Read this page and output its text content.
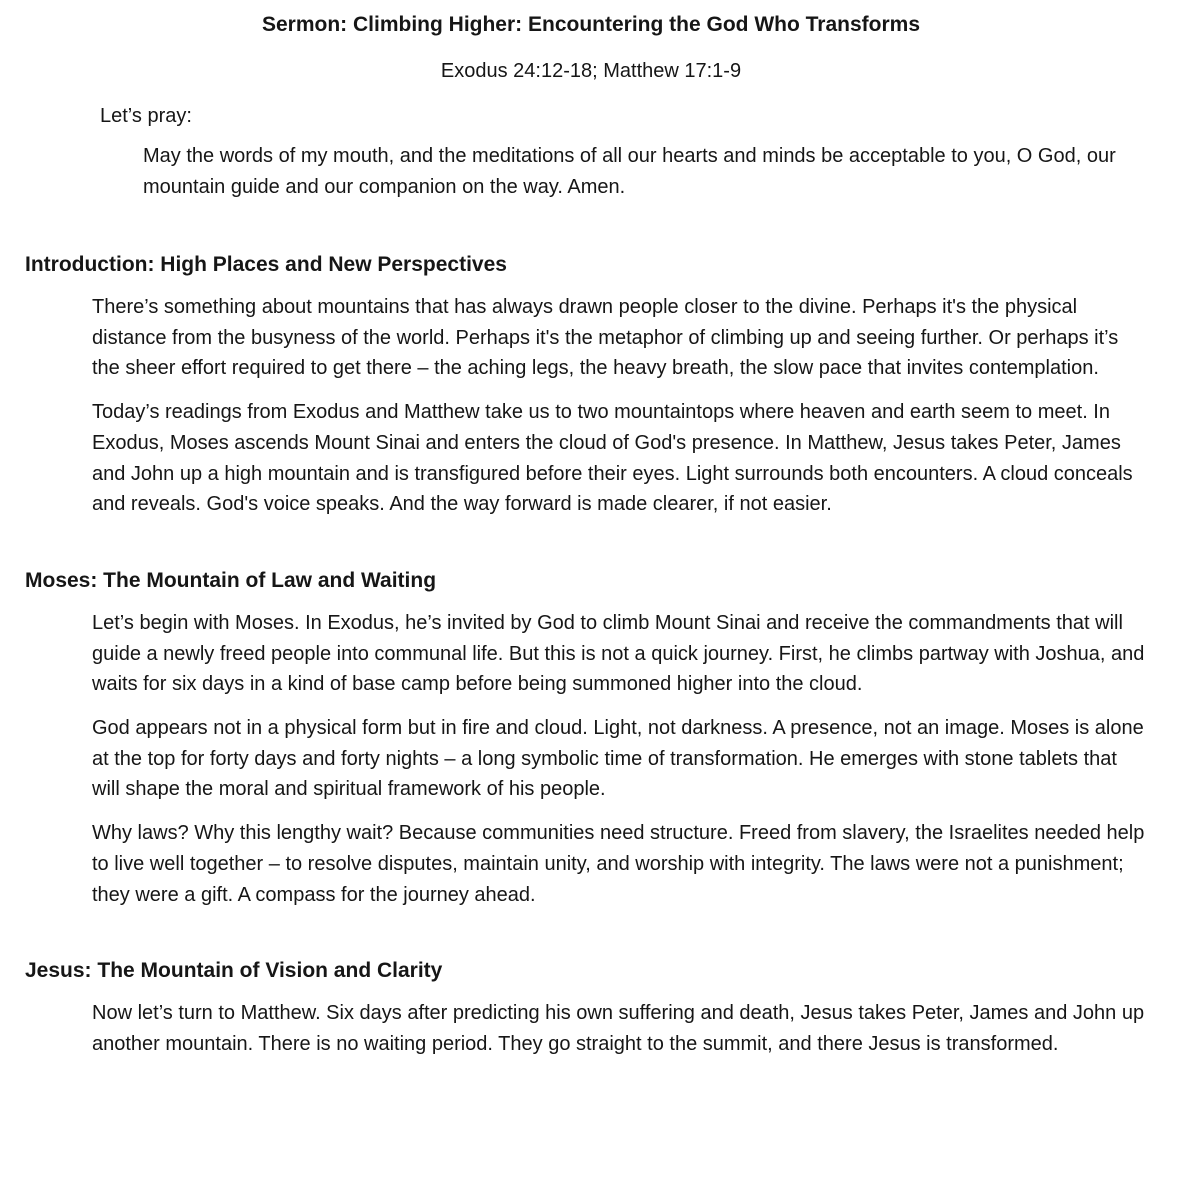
Sermon: Climbing Higher: Encountering the God Who Transforms

Exodus 24:12-18; Matthew 17:1-9

Let’s pray:

May the words of my mouth, and the meditations of all our hearts and minds be acceptable to you, O God, our mountain guide and our companion on the way. Amen.

Introduction: High Places and New Perspectives

There’s something about mountains that has always drawn people closer to the divine. Perhaps it's the physical distance from the busyness of the world. Perhaps it's the metaphor of climbing up and seeing further. Or perhaps it’s the sheer effort required to get there – the aching legs, the heavy breath, the slow pace that invites contemplation.

Today’s readings from Exodus and Matthew take us to two mountaintops where heaven and earth seem to meet. In Exodus, Moses ascends Mount Sinai and enters the cloud of God's presence. In Matthew, Jesus takes Peter, James and John up a high mountain and is transfigured before their eyes. Light surrounds both encounters. A cloud conceals and reveals. God's voice speaks. And the way forward is made clearer, if not easier.

Moses: The Mountain of Law and Waiting

Let’s begin with Moses. In Exodus, he’s invited by God to climb Mount Sinai and receive the commandments that will guide a newly freed people into communal life. But this is not a quick journey. First, he climbs partway with Joshua, and waits for six days in a kind of base camp before being summoned higher into the cloud.

God appears not in a physical form but in fire and cloud. Light, not darkness. A presence, not an image. Moses is alone at the top for forty days and forty nights – a long symbolic time of transformation. He emerges with stone tablets that will shape the moral and spiritual framework of his people.

Why laws? Why this lengthy wait? Because communities need structure. Freed from slavery, the Israelites needed help to live well together – to resolve disputes, maintain unity, and worship with integrity. The laws were not a punishment; they were a gift. A compass for the journey ahead.

Jesus: The Mountain of Vision and Clarity

Now let’s turn to Matthew. Six days after predicting his own suffering and death, Jesus takes Peter, James and John up another mountain. There is no waiting period. They go straight to the summit, and there Jesus is transformed.
